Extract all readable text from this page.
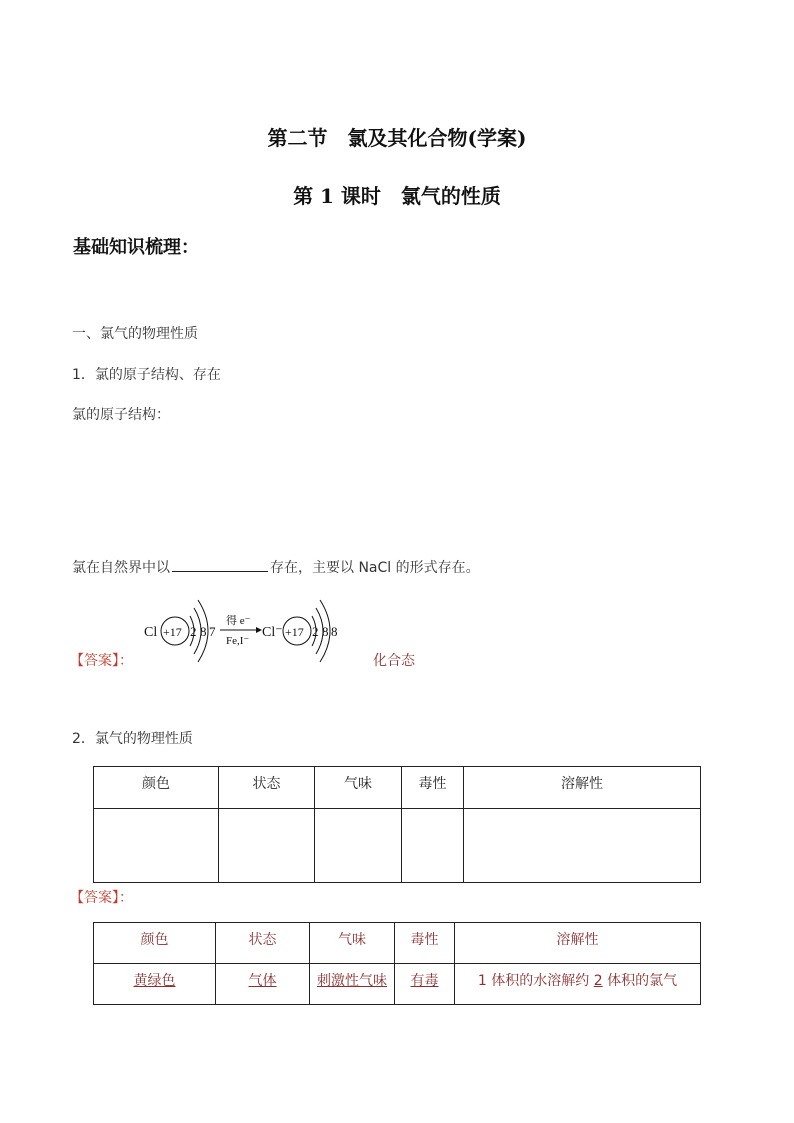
第二节　氯及其化合物(学案)
第 1 课时　氯气的性质
基础知识梳理：
一、氯气的物理性质
1．氯的原子结构、存在
氯的原子结构：
氯在自然界中以	存在，主要以 NaCl 的形式存在。
Cl +17 2 8 7
得 e⁻
Fe,I⁻
Cl⁻ +17 2 8 8
【答案】：	化合态
2．氯气的物理性质
颜色	状态	气味	毒性	溶解性

【答案】：
颜色	状态	气味	毒性	溶解性
黄绿色	气体	刺激性气味	有毒	1 体积的水溶解约 2 体积的氯气
